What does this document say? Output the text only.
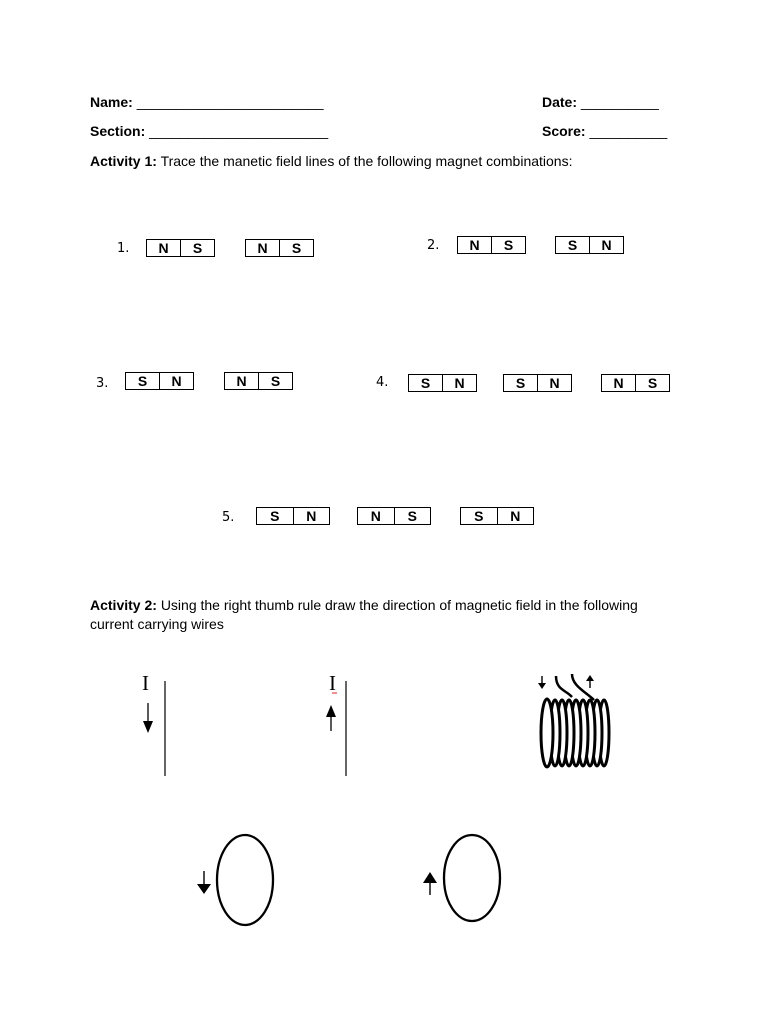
Name: ________________________	Date: __________
Section: _______________________	Score: __________
Activity 1: Trace the manetic field lines of the following magnet combinations:
1.	2.
3.	4.
5.
N	S	N	S	N	S	S	N
S	N	N	S	S	N	S	N	N	S
S	N	N	S	S	N
Activity 2: Using the right thumb rule draw the direction of magnetic field in the following current carrying wires
I	I
